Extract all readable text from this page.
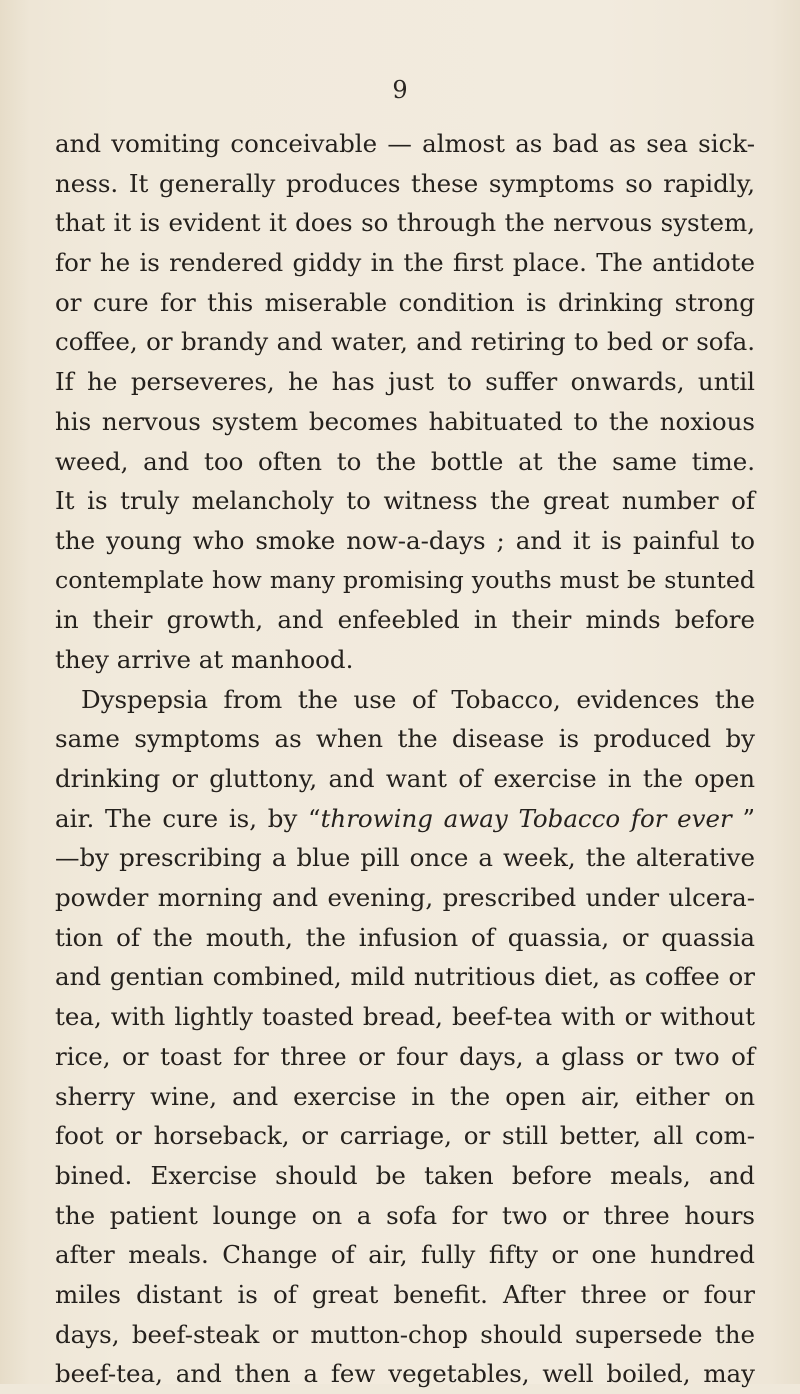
9
and vomiting conceivable — almost as bad as sea sick-
ness. It generally produces these symptoms so rapidly,
that it is evident it does so through the nervous system,
for he is rendered giddy in the first place. The antidote
or cure for this miserable condition is drinking strong
coffee, or brandy and water, and retiring to bed or sofa.
If he perseveres, he has just to suffer onwards, until
his nervous system becomes habituated to the noxious
weed, and too often to the bottle at the same time.
It is truly melancholy to witness the great number of
the young who smoke now-a-days ; and it is painful to
contemplate how many promising youths must be stunted
in their growth, and enfeebled in their minds before
they arrive at manhood.
Dyspepsia from the use of Tobacco, evidences the
same symptoms as when the disease is produced by
drinking or gluttony, and want of exercise in the open
air. The cure is, by “throwing away Tobacco for ever ”
—by prescribing a blue pill once a week, the alterative
powder morning and evening, prescribed under ulcera-
tion of the mouth, the infusion of quassia, or quassia
and gentian combined, mild nutritious diet, as coffee or
tea, with lightly toasted bread, beef-tea with or without
rice, or toast for three or four days, a glass or two of
sherry wine, and exercise in the open air, either on
foot or horseback, or carriage, or still better, all com-
bined. Exercise should be taken before meals, and
the patient lounge on a sofa for two or three hours
after meals. Change of air, fully fifty or one hundred
miles distant is of great benefit. After three or four
days, beef-steak or mutton-chop should supersede the
beef-tea, and then a few vegetables, well boiled, may
